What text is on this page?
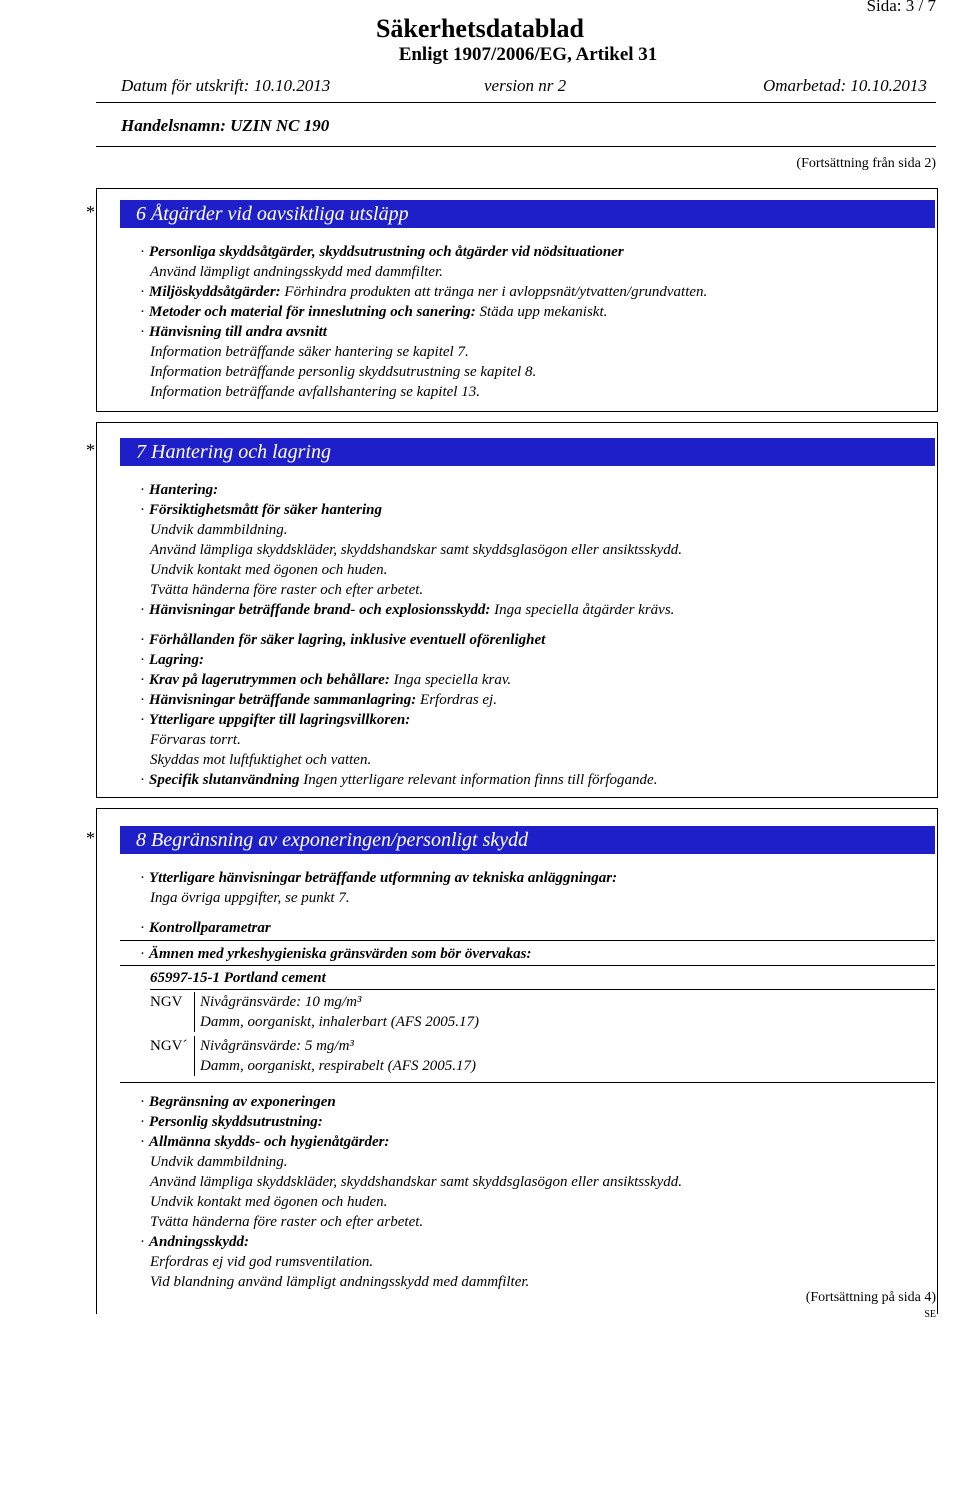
Sida: 3 / 7
Säkerhetsdatablad
Enligt 1907/2006/EG, Artikel 31
Datum för utskrift: 10.10.2013	version nr 2	Omarbetad: 10.10.2013
Handelsnamn: UZIN NC 190
(Fortsättning från sida 2)
*	6 Åtgärder vid oavsiktliga utsläpp
· Personliga skyddsåtgärder, skyddsutrustning och åtgärder vid nödsituationer
Använd lämpligt andningsskydd med dammfilter.
· Miljöskyddsåtgärder: Förhindra produkten att tränga ner i avloppsnät/ytvatten/grundvatten.
· Metoder och material för inneslutning och sanering: Städa upp mekaniskt.
· Hänvisning till andra avsnitt
Information beträffande säker hantering se kapitel 7.
Information beträffande personlig skyddsutrustning se kapitel 8.
Information beträffande avfallshantering se kapitel 13.
*	7 Hantering och lagring
· Hantering:
· Försiktighetsmått för säker hantering
Undvik dammbildning.
Använd lämpliga skyddskläder, skyddshandskar samt skyddsglasögon eller ansiktsskydd.
Undvik kontakt med ögonen och huden.
Tvätta händerna före raster och efter arbetet.
· Hänvisningar beträffande brand- och explosionsskydd: Inga speciella åtgärder krävs.
· Förhållanden för säker lagring, inklusive eventuell oförenlighet
· Lagring:
· Krav på lagerutrymmen och behållare: Inga speciella krav.
· Hänvisningar beträffande sammanlagring: Erfordras ej.
· Ytterligare uppgifter till lagringsvillkoren:
Förvaras torrt.
Skyddas mot luftfuktighet och vatten.
· Specifik slutanvändning Ingen ytterligare relevant information finns till förfogande.
*	8 Begränsning av exponeringen/personligt skydd
· Ytterligare hänvisningar beträffande utformning av tekniska anläggningar:
Inga övriga uppgifter, se punkt 7.
· Kontrollparametrar
· Ämnen med yrkeshygieniska gränsvärden som bör övervakas:
65997-15-1 Portland cement
NGV Nivågränsvärde: 10 mg/m³
Damm, oorganiskt, inhalerbart (AFS 2005.17)
NGV´ Nivågränsvärde: 5 mg/m³
Damm, oorganiskt, respirabelt (AFS 2005.17)
· Begränsning av exponeringen
· Personlig skyddsutrustning:
· Allmänna skydds- och hygienåtgärder:
Undvik dammbildning.
Använd lämpliga skyddskläder, skyddshandskar samt skyddsglasögon eller ansiktsskydd.
Undvik kontakt med ögonen och huden.
Tvätta händerna före raster och efter arbetet.
· Andningsskydd:
Erfordras ej vid god rumsventilation.
Vid blandning använd lämpligt andningsskydd med dammfilter.
(Fortsättning på sida 4)
SE
